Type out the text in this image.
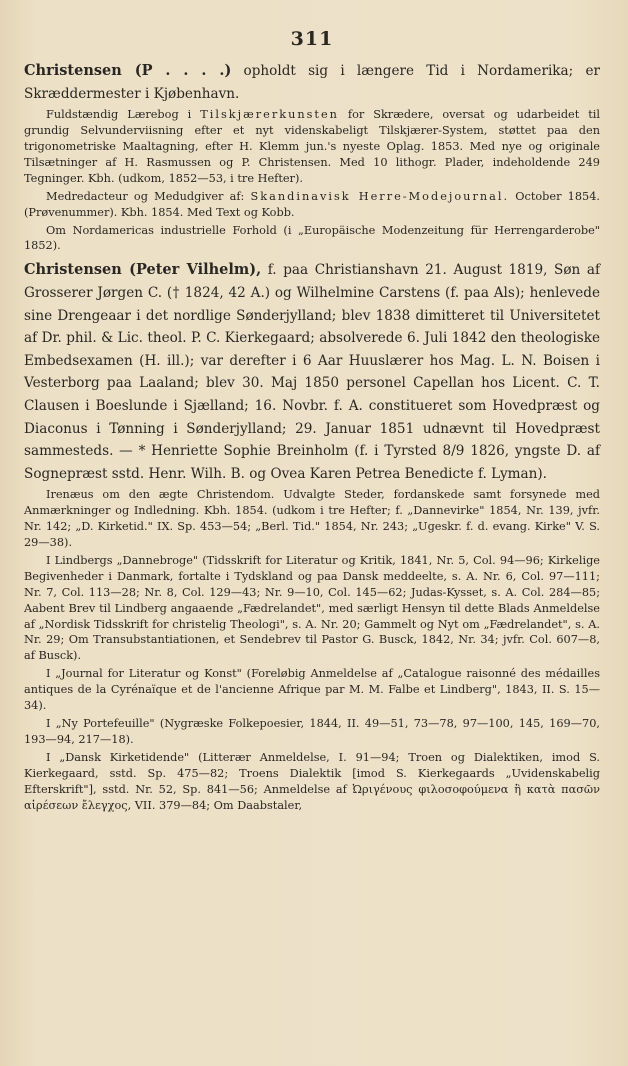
311

Christensen (P . . . .) opholdt sig i længere Tid i Nordamerika; er Skræddermester i Kjøbenhavn.

Fuldstændig Lærebog i Tilskjærerkunsten for Skrædere, oversat og udarbeidet til grundig Selvunderviisning efter et nyt videnskabeligt Tilskjærer-System, støttet paa den trigonometriske Maaltagning, efter H. Klemm jun.'s nyeste Oplag. 1853. Med nye og originale Tilsætninger af H. Rasmussen og P. Christensen. Med 10 lithogr. Plader, indeholdende 249 Tegninger. Kbh. (udkom, 1852—53, i tre Hefter).

Medredacteur og Medudgiver af: Skandinavisk Herre-Modejournal. October 1854. (Prøvenummer). Kbh. 1854. Med Text og Kobb.

Om Nordamericas industrielle Forhold (i „Europäische Modenzeitung für Herrengarderobe" 1852).

Christensen (Peter Vilhelm), f. paa Christianshavn 21. August 1819, Søn af Grosserer Jørgen C. († 1824, 42 A.) og Wilhelmine Carstens (f. paa Als); henlevede sine Drengeaar i det nordlige Sønderjylland; blev 1838 dimitteret til Universitetet af Dr. phil. & Lic. theol. P. C. Kierkegaard; absolverede 6. Juli 1842 den theologiske Embedsexamen (H. ill.); var derefter i 6 Aar Huuslærer hos Mag. L. N. Boisen i Vesterborg paa Laaland; blev 30. Maj 1850 personel Capellan hos Licent. C. T. Clausen i Boeslunde i Sjælland; 16. Novbr. f. A. constitueret som Hovedpræst og Diaconus i Tønning i Sønderjylland; 29. Januar 1851 udnævnt til Hovedpræst sammesteds. — * Henriette Sophie Breinholm (f. i Tyrsted 8/9 1826, yngste D. af Sognepræst sstd. Henr. Wilh. B. og Ovea Karen Petrea Benedicte f. Lyman).

Irenæus om den ægte Christendom. Udvalgte Steder, fordanskede samt forsynede med Anmærkninger og Indledning. Kbh. 1854. (udkom i tre Hefter; f. „Dannevirke" 1854, Nr. 139, jvfr. Nr. 142; „D. Kirketid." IX. Sp. 453—54; „Berl. Tid." 1854, Nr. 243; „Ugeskr. f. d. evang. Kirke" V. S. 29—38).

I Lindbergs „Dannebroge" (Tidsskrift for Literatur og Kritik, 1841, Nr. 5, Col. 94—96; Kirkelige Begivenheder i Danmark, fortalte i Tydskland og paa Dansk meddeelte, s. A. Nr. 6, Col. 97—111; Nr. 7, Col. 113—28; Nr. 8, Col. 129—43; Nr. 9—10, Col. 145—62; Judas-Kysset, s. A. Col. 284—85; Aabent Brev til Lindberg angaaende „Fædrelandet", med særligt Hensyn til dette Blads Anmeldelse af „Nordisk Tidsskrift for christelig Theologi", s. A. Nr. 20; Gammelt og Nyt om „Fædrelandet", s. A. Nr. 29; Om Transubstantiationen, et Sendebrev til Pastor G. Busck, 1842, Nr. 34; jvfr. Col. 607—8, af Busck).

I „Journal for Literatur og Konst" (Foreløbig Anmeldelse af „Catalogue raisonné des médailles antiques de la Cyrénaïque et de l'ancienne Afrique par M. M. Falbe et Lindberg", 1843, II. S. 15—34).

I „Ny Portefeuille" (Nygræske Folkepoesier, 1844, II. 49—51, 73—78, 97—100, 145, 169—70, 193—94, 217—18).

I „Dansk Kirketidende" (Litterær Anmeldelse, I. 91—94; Troen og Dialektiken, imod S. Kierkegaard, sstd. Sp. 475—82; Troens Dialektik [imod S. Kierkegaards „Uvidenskabelig Efterskrift"], sstd. Nr. 52, Sp. 841—56; Anmeldelse af Ὠριγένους φιλοσοφούμενα ἢ κατὰ πασῶν αἱρέσεων ἔλεγχος, VII. 379—84; Om Daabstaler,
